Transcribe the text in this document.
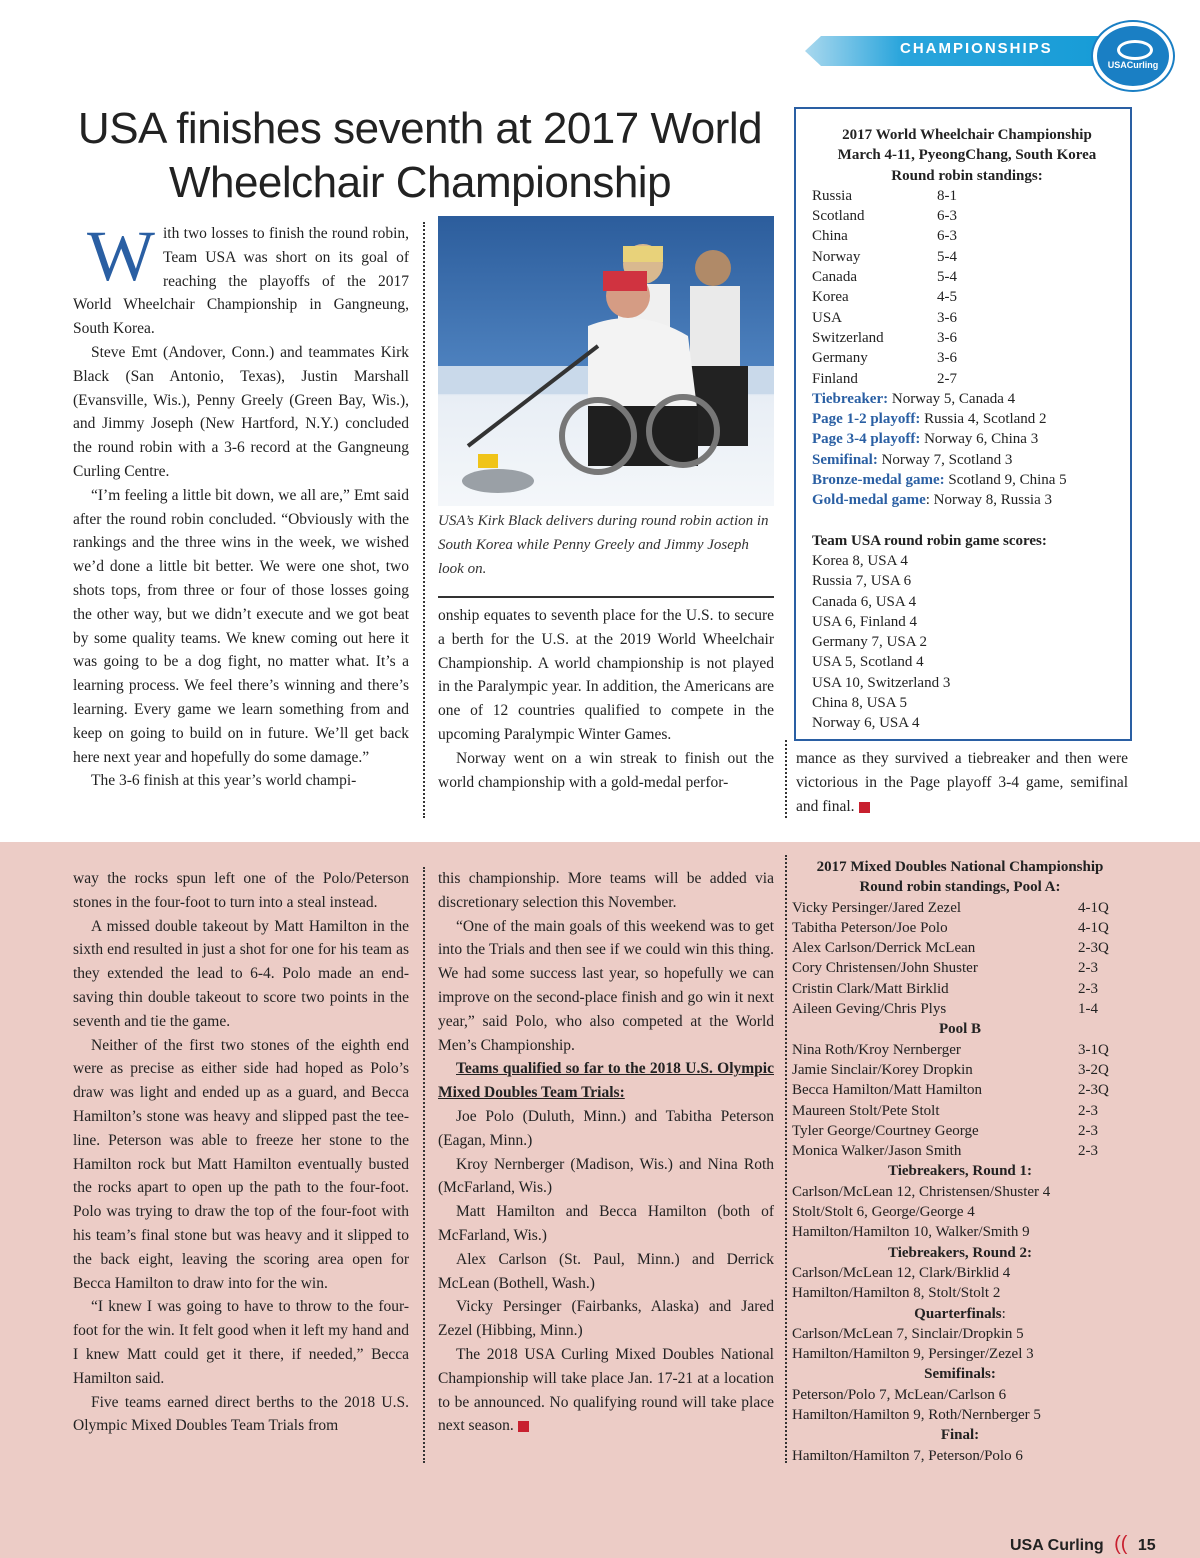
CHAMPIONSHIPS
USACurling
USA finishes seventh at 2017 World Wheelchair Championship
W ith two losses to finish the round robin, Team USA was short on its goal of reaching the playoffs of the 2017 World Wheelchair Championship in Gangneung, South Korea.

Steve Emt (Andover, Conn.) and teammates Kirk Black (San Antonio, Texas), Justin Marshall (Evansville, Wis.), Penny Greely (Green Bay, Wis.), and Jimmy Joseph (New Hartford, N.Y.) concluded the round robin with a 3-6 record at the Gangneung Curling Centre.

“I’m feeling a little bit down, we all are,” Emt said after the round robin concluded. “Obviously with the rankings and the three wins in the week, we wished we’d done a little bit better. We were one shot, two shots tops, from three or four of those losses going the other way, but we didn’t execute and we got beat by some quality teams. We knew coming out here it was going to be a dog fight, no matter what. It’s a learning process. We feel there’s winning and there’s learning. Every game we learn something from and keep on going to build on in future. We’ll get back here next year and hopefully do some damage.”

The 3-6 finish at this year’s world champi-

USA’s Kirk Black delivers during round robin action in South Korea while Penny Greely and Jimmy Joseph look on.

onship equates to seventh place for the U.S. to secure a berth for the U.S. at the 2019 World Wheelchair Championship. A world championship is not played in the Paralympic year. In addition, the Americans are one of 12 countries qualified to compete in the upcoming Paralympic Winter Games.

Norway went on a win streak to finish out the world championship with a gold-medal perfor-

2017 World Wheelchair Championship
March 4-11, PyeongChang, South Korea
Round robin standings:
Russia	8-1
Scotland	6-3
China	6-3
Norway	5-4
Canada	5-4
Korea	4-5
USA	3-6
Switzerland	3-6
Germany	3-6
Finland	2-7
Tiebreaker: Norway 5, Canada 4
Page 1-2 playoff: Russia 4, Scotland 2
Page 3-4 playoff: Norway 6, China 3
Semifinal: Norway 7, Scotland 3
Bronze-medal game: Scotland 9, China 5
Gold-medal game: Norway 8, Russia 3
Team USA round robin game scores:
Korea 8, USA 4
Russia 7, USA 6
Canada 6, USA 4
USA 6, Finland 4
Germany 7, USA 2
USA 5, Scotland 4
USA 10, Switzerland 3
China 8, USA 5
Norway 6, USA 4

mance as they survived a tiebreaker and then were victorious in the Page playoff 3-4 game, semifinal and final.

way the rocks spun left one of the Polo/Peterson stones in the four-foot to turn into a steal instead.

A missed double takeout by Matt Hamilton in the sixth end resulted in just a shot for one for his team as they extended the lead to 6-4. Polo made an end-saving thin double takeout to score two points in the seventh and tie the game.

Neither of the first two stones of the eighth end were as precise as either side had hoped as Polo’s draw was light and ended up as a guard, and Becca Hamilton’s stone was heavy and slipped past the tee-line. Peterson was able to freeze her stone to the Hamilton rock but Matt Hamilton eventually busted the rocks apart to open up the path to the four-foot. Polo was trying to draw the top of the four-foot with his team’s final stone but was heavy and it slipped to the back eight, leaving the scoring area open for Becca Hamilton to draw into for the win.

“I knew I was going to have to throw to the four-foot for the win. It felt good when it left my hand and I knew Matt could get it there, if needed,” Becca Hamilton said.

Five teams earned direct berths to the 2018 U.S. Olympic Mixed Doubles Team Trials from

this championship. More teams will be added via discretionary selection this November.

“One of the main goals of this weekend was to get into the Trials and then see if we could win this thing. We had some success last year, so hopefully we can improve on the second-place finish and go win it next year,” said Polo, who also competed at the World Men’s Championship.

Teams qualified so far to the 2018 U.S. Olympic Mixed Doubles Team Trials:

Joe Polo (Duluth, Minn.) and Tabitha Peterson (Eagan, Minn.)

Kroy Nernberger (Madison, Wis.) and Nina Roth (McFarland, Wis.)

Matt Hamilton and Becca Hamilton (both of McFarland, Wis.)

Alex Carlson (St. Paul, Minn.) and Derrick McLean (Bothell, Wash.)

Vicky Persinger (Fairbanks, Alaska) and Jared Zezel (Hibbing, Minn.)

The 2018 USA Curling Mixed Doubles National Championship will take place Jan. 17-21 at a location to be announced. No qualifying round will take place next season.

2017 Mixed Doubles National Championship
Round robin standings, Pool A:
Vicky Persinger/Jared Zezel	4-1Q
Tabitha Peterson/Joe Polo	4-1Q
Alex Carlson/Derrick McLean	2-3Q
Cory Christensen/John Shuster	2-3
Cristin Clark/Matt Birklid	2-3
Aileen Geving/Chris Plys	1-4
Pool B
Nina Roth/Kroy Nernberger	3-1Q
Jamie Sinclair/Korey Dropkin	3-2Q
Becca Hamilton/Matt Hamilton	2-3Q
Maureen Stolt/Pete Stolt	2-3
Tyler George/Courtney George	2-3
Monica Walker/Jason Smith	2-3
Tiebreakers, Round 1:
Carlson/McLean 12, Christensen/Shuster 4
Stolt/Stolt 6, George/George 4
Hamilton/Hamilton 10, Walker/Smith 9
Tiebreakers, Round 2:
Carlson/McLean 12, Clark/Birklid 4
Hamilton/Hamilton 8, Stolt/Stolt 2
Quarterfinals:
Carlson/McLean 7, Sinclair/Dropkin 5
Hamilton/Hamilton 9, Persinger/Zezel 3
Semifinals:
Peterson/Polo 7, McLean/Carlson 6
Hamilton/Hamilton 9, Roth/Nernberger 5
Final:
Hamilton/Hamilton 7, Peterson/Polo 6
USA Curling (( 15
